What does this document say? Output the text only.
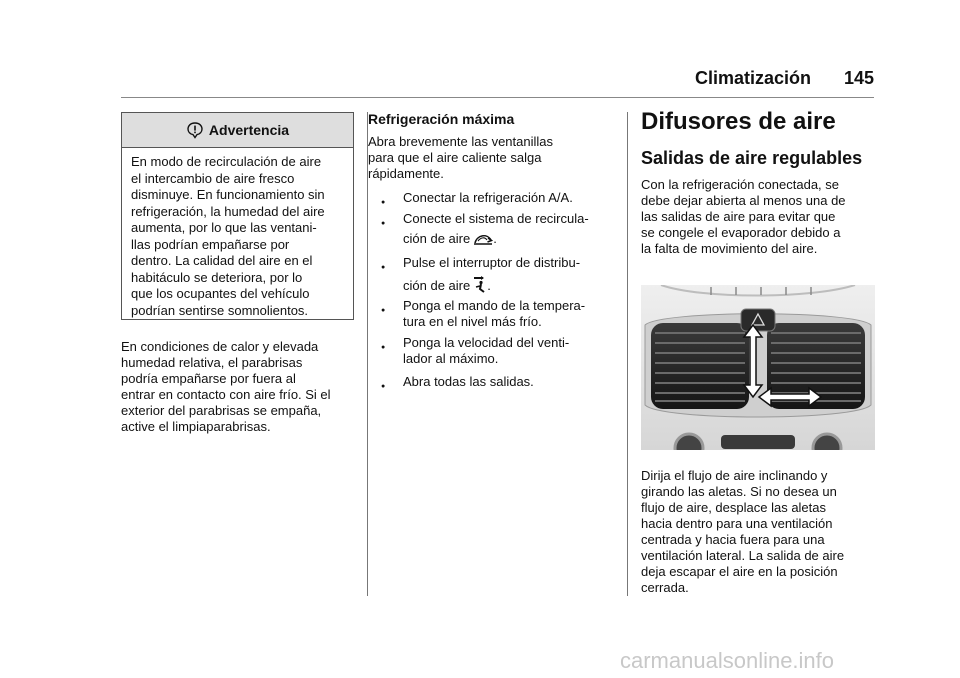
Climatización 145
Advertencia
En modo de recirculación de aire
el intercambio de aire fresco
disminuye. En funcionamiento sin
refrigeración, la humedad del aire
aumenta, por lo que las ventani-
llas podrían empañarse por
dentro. La calidad del aire en el
habitáculo se deteriora, por lo
que los ocupantes del vehículo
podrían sentirse somnolientos.
En condiciones de calor y elevada
humedad relativa, el parabrisas
podría empañarse por fuera al
entrar en contacto con aire frío. Si el
exterior del parabrisas se empaña,
active el limpiaparabrisas.
Refrigeración máxima
Abra brevemente las ventanillas
para que el aire caliente salga
rápidamente.
● Conectar la refrigeración A/A.
● Conecte el sistema de recircula-
ción de aire .
● Pulse el interruptor de distribu-
ción de aire .
● Ponga el mando de la tempera-
tura en el nivel más frío.
● Ponga la velocidad del venti-
lador al máximo.
● Abra todas las salidas.
Difusores de aire
Salidas de aire regulables
Con la refrigeración conectada, se
debe dejar abierta al menos una de
las salidas de aire para evitar que
se congele el evaporador debido a
la falta de movimiento del aire.
Dirija el flujo de aire inclinando y
girando las aletas. Si no desea un
flujo de aire, desplace las aletas
hacia dentro para una ventilación
centrada y hacia fuera para una
ventilación lateral. La salida de aire
deja escapar el aire en la posición
cerrada.
carmanualsonline.info
